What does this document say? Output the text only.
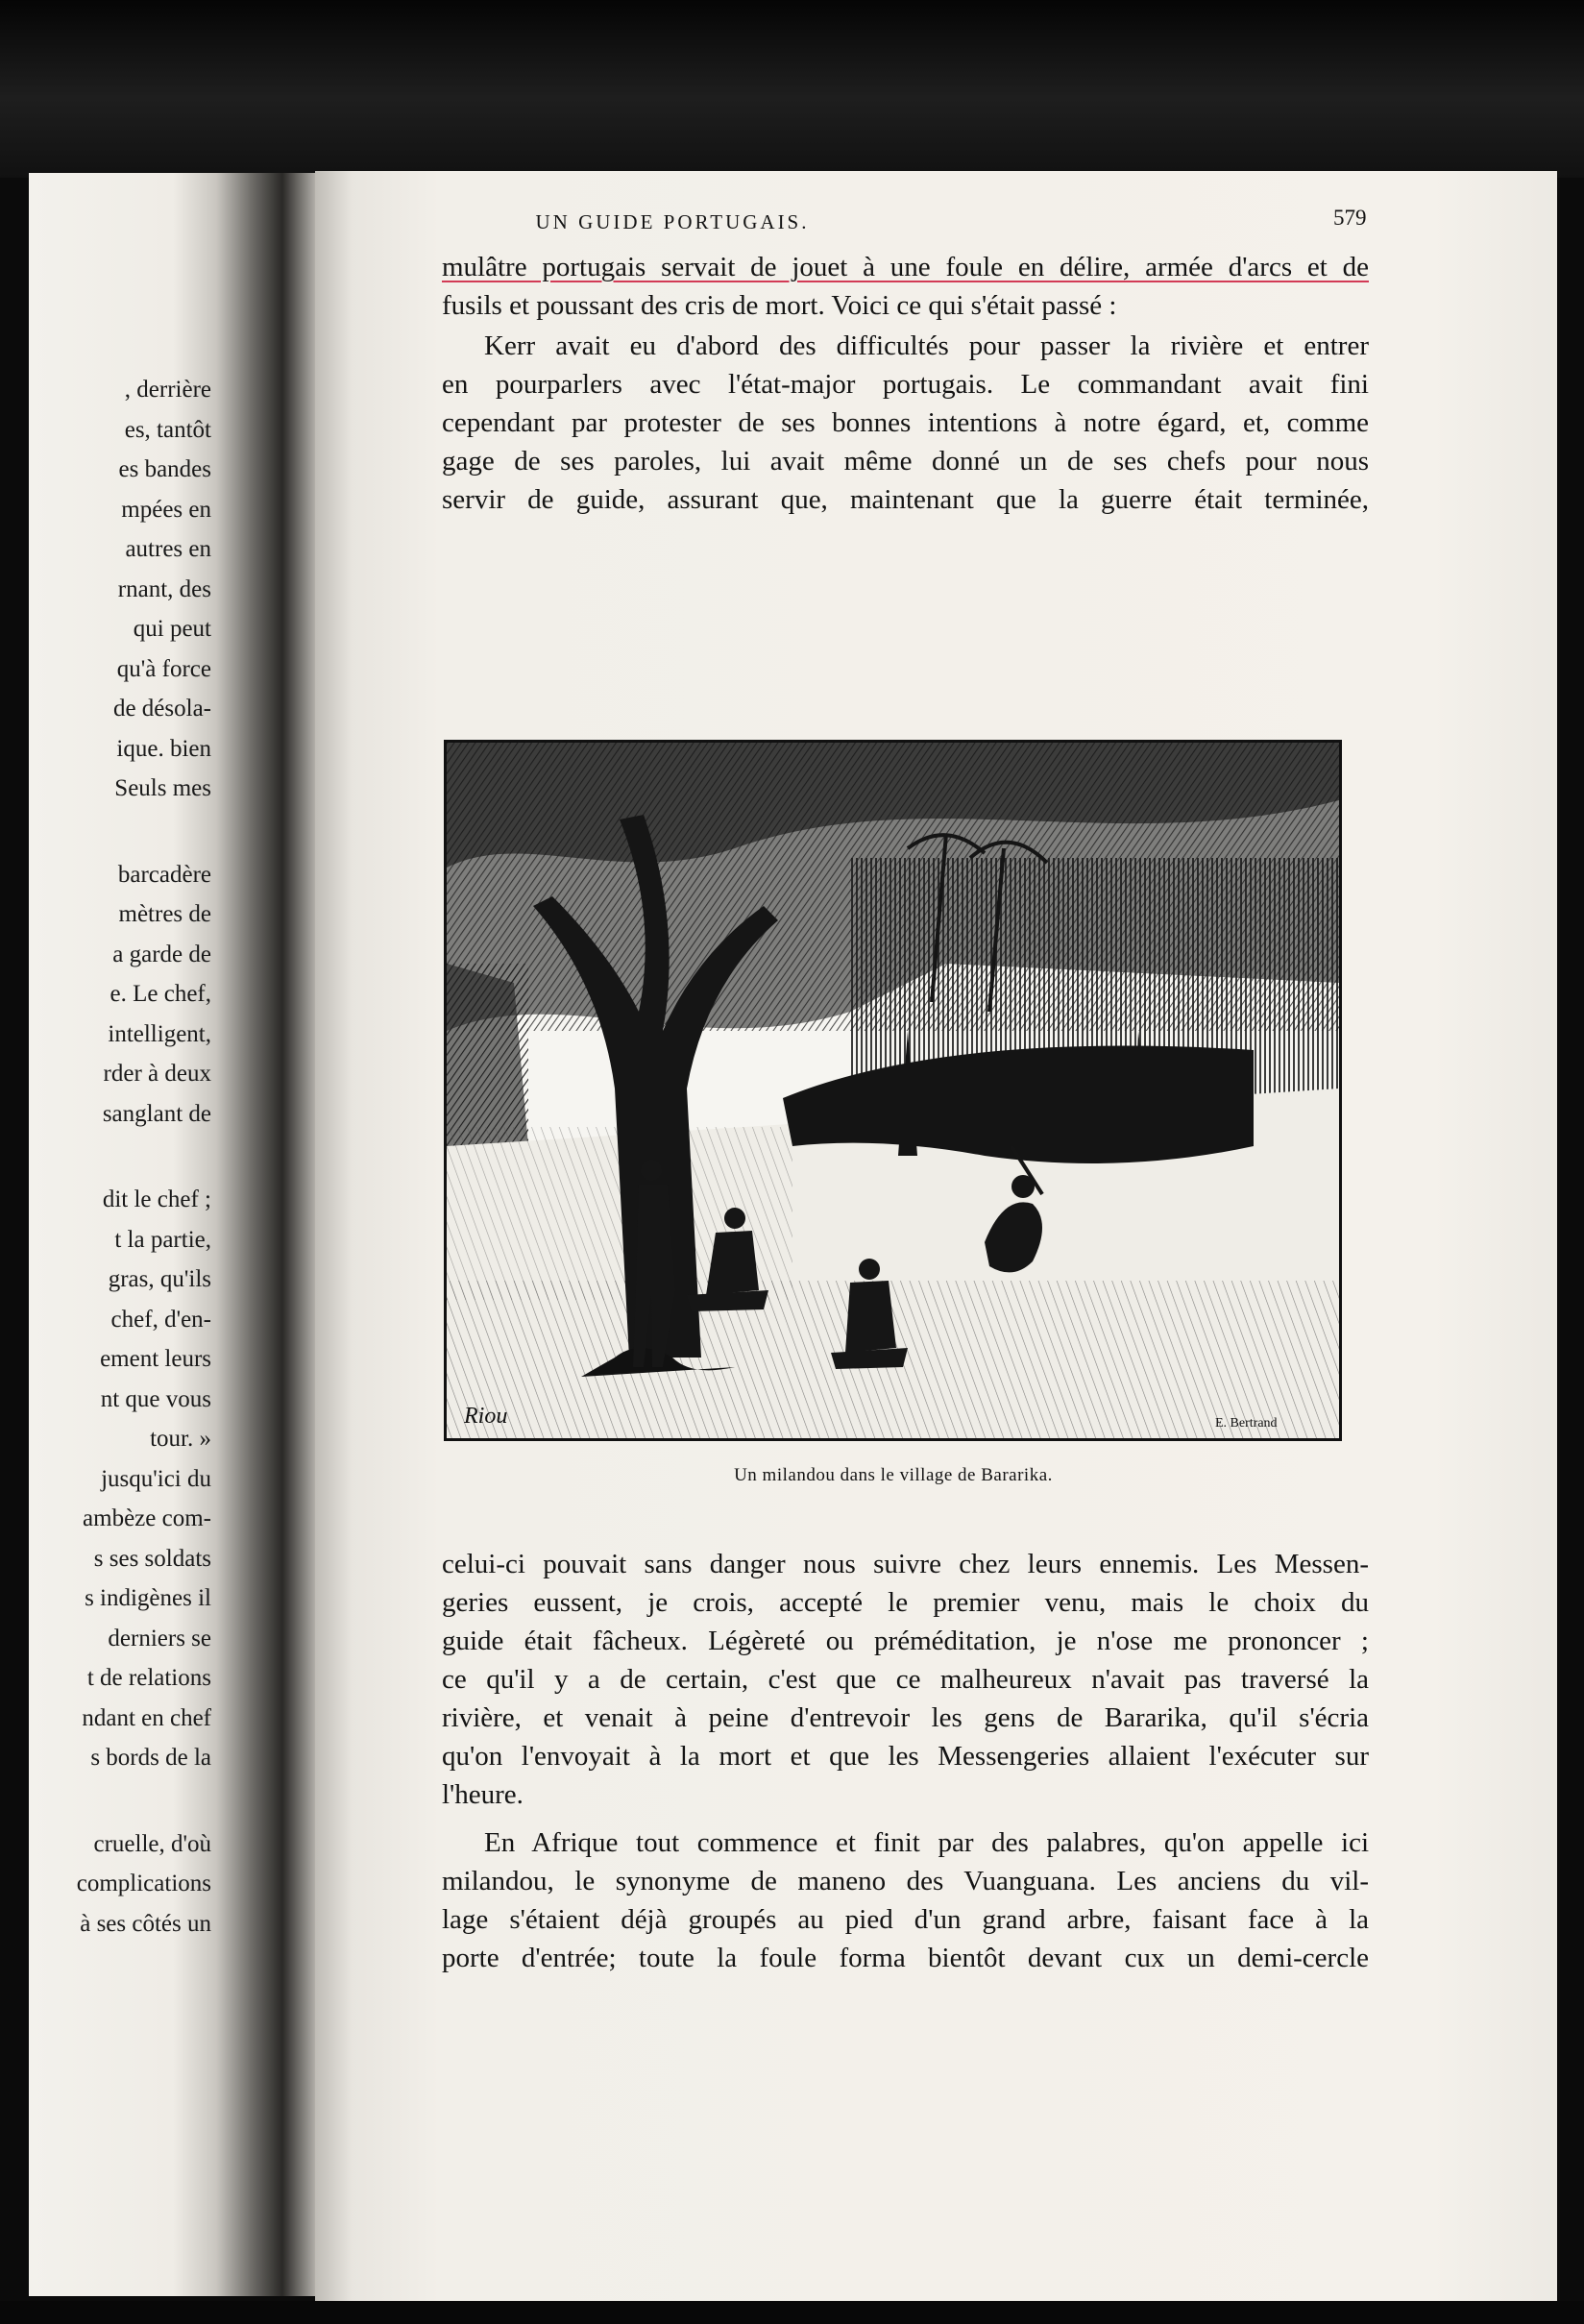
, derrière
es, tantôt
es bandes
mpées en
autres en
rnant, des
qui peut
qu'à force
de désola-
ique. bien
Seuls mes
barcadère
mètres de
a garde de
e. Le chef,
intelligent,
rder à deux
sanglant de
dit le chef ;
t la partie,
gras, qu'ils
chef, d'en-
ement leurs
nt que vous
tour. »
jusqu'ici du
ambèze com-
s ses soldats
s indigènes il
derniers se
t de relations
ndant en chef
s bords de la
cruelle, d'où
complications
à ses côtés un
UN GUIDE PORTUGAIS.	579
mulâtre portugais servait de jouet à une foule en délire, armée d'arcs et de
fusils et poussant des cris de mort. Voici ce qui s'était passé :
Kerr avait eu d'abord des difficultés pour passer la rivière et entrer
en pourparlers avec l'état-major portugais. Le commandant avait fini
cependant par protester de ses bonnes intentions à notre égard, et, comme
gage de ses paroles, lui avait même donné un de ses chefs pour nous
servir de guide, assurant que, maintenant que la guerre était terminée,
Riou	E. Bertrand
Un milandou dans le village de Bararika.
celui-ci pouvait sans danger nous suivre chez leurs ennemis. Les Messen-
geries eussent, je crois, accepté le premier venu, mais le choix du
guide était fâcheux. Légèreté ou préméditation, je n'ose me prononcer ;
ce qu'il y a de certain, c'est que ce malheureux n'avait pas traversé la
rivière, et venait à peine d'entrevoir les gens de Bararika, qu'il s'écria
qu'on l'envoyait à la mort et que les Messengeries allaient l'exécuter sur
l'heure.
En Afrique tout commence et finit par des palabres, qu'on appelle ici
milandou, le synonyme de maneno des Vuanguana. Les anciens du vil-
lage s'étaient déjà groupés au pied d'un grand arbre, faisant face à la
porte d'entrée; toute la foule forma bientôt devant cux un demi-cercle
